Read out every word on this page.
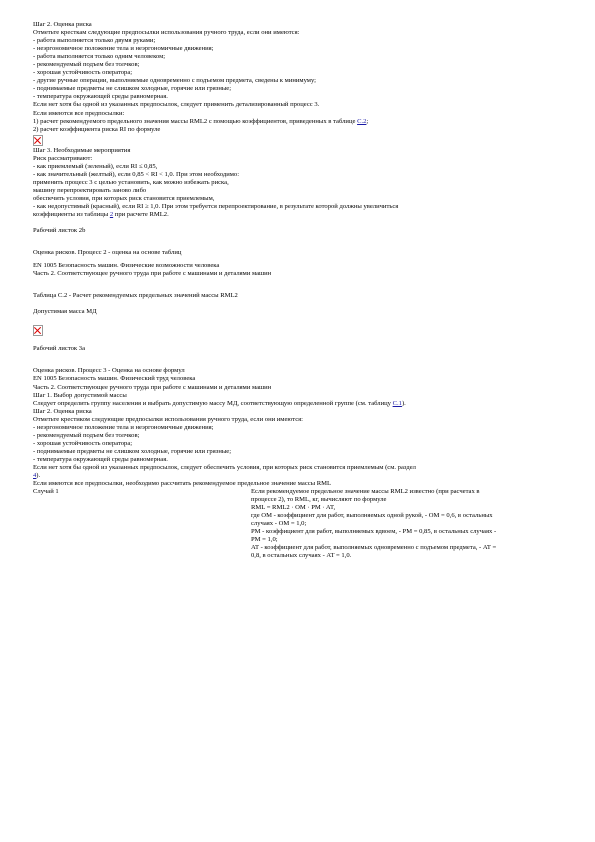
Шаг 2. Оценка риска
Отметьте кресткам следующие предпосылки использования ручного труда, если они имеются:
- работа выполняется только двумя руками;
- неэргономичное положение тела и неэргономичные движения;
- работа выполняется только одним человеком;
- рекомендуемый подъем без толчков;
- хорошая устойчивость оператора;
- другие ручные операции, выполняемые одновременно с подъемом предмета, сведены к минимуму;
- поднимаемые предметы не слишком холодные, горячие или грязные;
- температура окружающей среды равномерная.
Если нет хотя бы одной из указанных предпосылок, следует применить детализированный процесс 3.
Если имеются все предпосылки:
1) расчет рекомендуемого предельного значения массы RML2 с помощью коэффициентов, приведенных в таблице C.2;
2) расчет коэффициента риска RI по формуле
Шаг 3. Необходимые мероприятия
Риск рассматривают:
- как приемлемый (зеленый), если RI ≤ 0,85,
- как значительный (желтый), если 0,85 < RI < 1,0. При этом необходимо:
применить процесс 3 с целью установить, как можно избежать риска,
машину перепроектировать заново либо
обеспечить условия, при которых риск становится приемлемым,
- как недопустимый (красный), если RI ≥ 1,0. При этом требуется перепроектирование, в результате которой должны увеличиться
коэффициенты из таблицы 2 при расчете RML2.
Рабочий листок 2b
Оценка рисков. Процесс 2 - оценка на основе таблиц
EN 1005 Безопасность машин. Физические возможности человека
Часть 2. Соответствующее ручного труда при работе с машинами и деталями машин
Таблица C.2 - Расчет рекомендуемых предельных значений массы RML2
Допустимая масса MД
Рабочий листок 3a
Оценка рисков. Процесс 3 - Оценка на основе формул
EN 1005 Безопасность машин. Физический труд человека
Часть 2. Соответствующее ручного труда при работе с машинами и деталями машин
Шаг 1. Выбор допустимой массы
Следует определить группу населения и выбрать допустимую массу МД, соответствующую определенной группе (см. таблицу C.1).
Шаг 2. Оценка риска
Отметьте крестиком следующие предпосылки использования ручного труда, если они имеются:
- неэргономичное положение тела и неэргономичные движения;
- рекомендуемый подъем без толчков;
- хорошая устойчивость оператора;
- поднимаемые предметы не слишком холодные, горячие или грязные;
- температура окружающей среды равномерная.
Если нет хотя бы одной из указанных предпосылок, следует обеспечить условия, при которых риск становится приемлемым (см. раздел
4).
Если имеются все предпосылки, необходимо рассчитать рекомендуемое предельное значение массы RML
Случай 1	Если рекомендуемое предельное значение массы RML2 известно (при расчетах в
процессе 2), то RML, кг, вычисляют по формуле
RML = RML2 · OM · PM · AT,
где OM - коэффициент для работ, выполняемых одной рукой, - OM = 0,6, в остальных
случаях - OM = 1,0;
PM - коэффициент для работ, выполняемых вдвоем, - PM = 0,85, в остальных случаях -
PM = 1,0;
AT - коэффициент для работ, выполняемых одновременно с подъемом предмета, - AT =
0,8, в остальных случаях - AT = 1,0.
